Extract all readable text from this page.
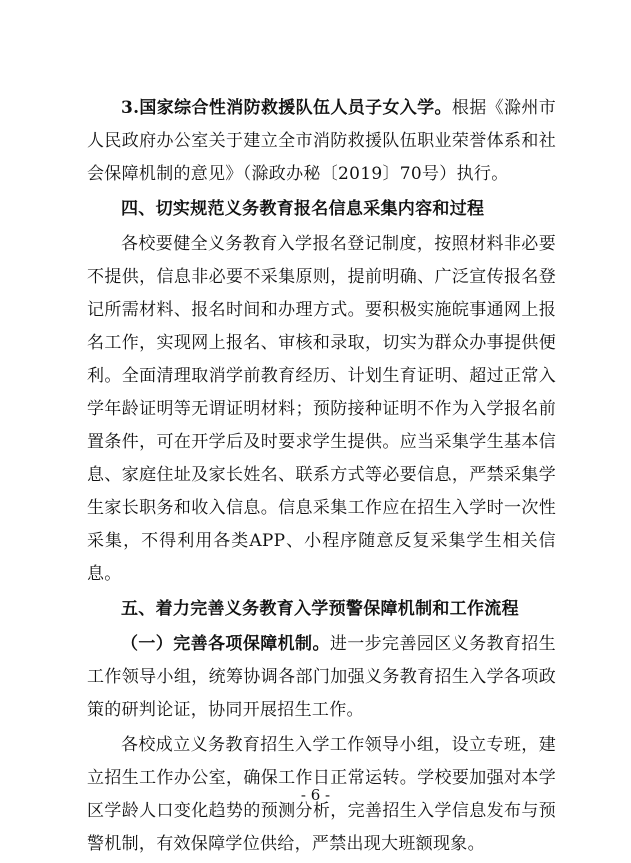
3.国家综合性消防救援队伍人员子女入学。根据《滁州市人民政府办公室关于建立全市消防救援队伍职业荣誉体系和社会保障机制的意见》（滁政办秘〔2019〕70号）执行。

四、切实规范义务教育报名信息采集内容和过程

各校要健全义务教育入学报名登记制度，按照材料非必要不提供，信息非必要不采集原则，提前明确、广泛宣传报名登记所需材料、报名时间和办理方式。要积极实施皖事通网上报名工作，实现网上报名、审核和录取，切实为群众办事提供便利。全面清理取消学前教育经历、计划生育证明、超过正常入学年龄证明等无谓证明材料；预防接种证明不作为入学报名前置条件，可在开学后及时要求学生提供。应当采集学生基本信息、家庭住址及家长姓名、联系方式等必要信息，严禁采集学生家长职务和收入信息。信息采集工作应在招生入学时一次性采集，不得利用各类APP、小程序随意反复采集学生相关信息。

五、着力完善义务教育入学预警保障机制和工作流程

（一）完善各项保障机制。进一步完善园区义务教育招生工作领导小组，统筹协调各部门加强义务教育招生入学各项政策的研判论证，协同开展招生工作。

各校成立义务教育招生入学工作领导小组，设立专班，建立招生工作办公室，确保工作日正常运转。学校要加强对本学区学龄人口变化趋势的预测分析，完善招生入学信息发布与预警机制，有效保障学位供给，严禁出现大班额现象。

- 6 -
